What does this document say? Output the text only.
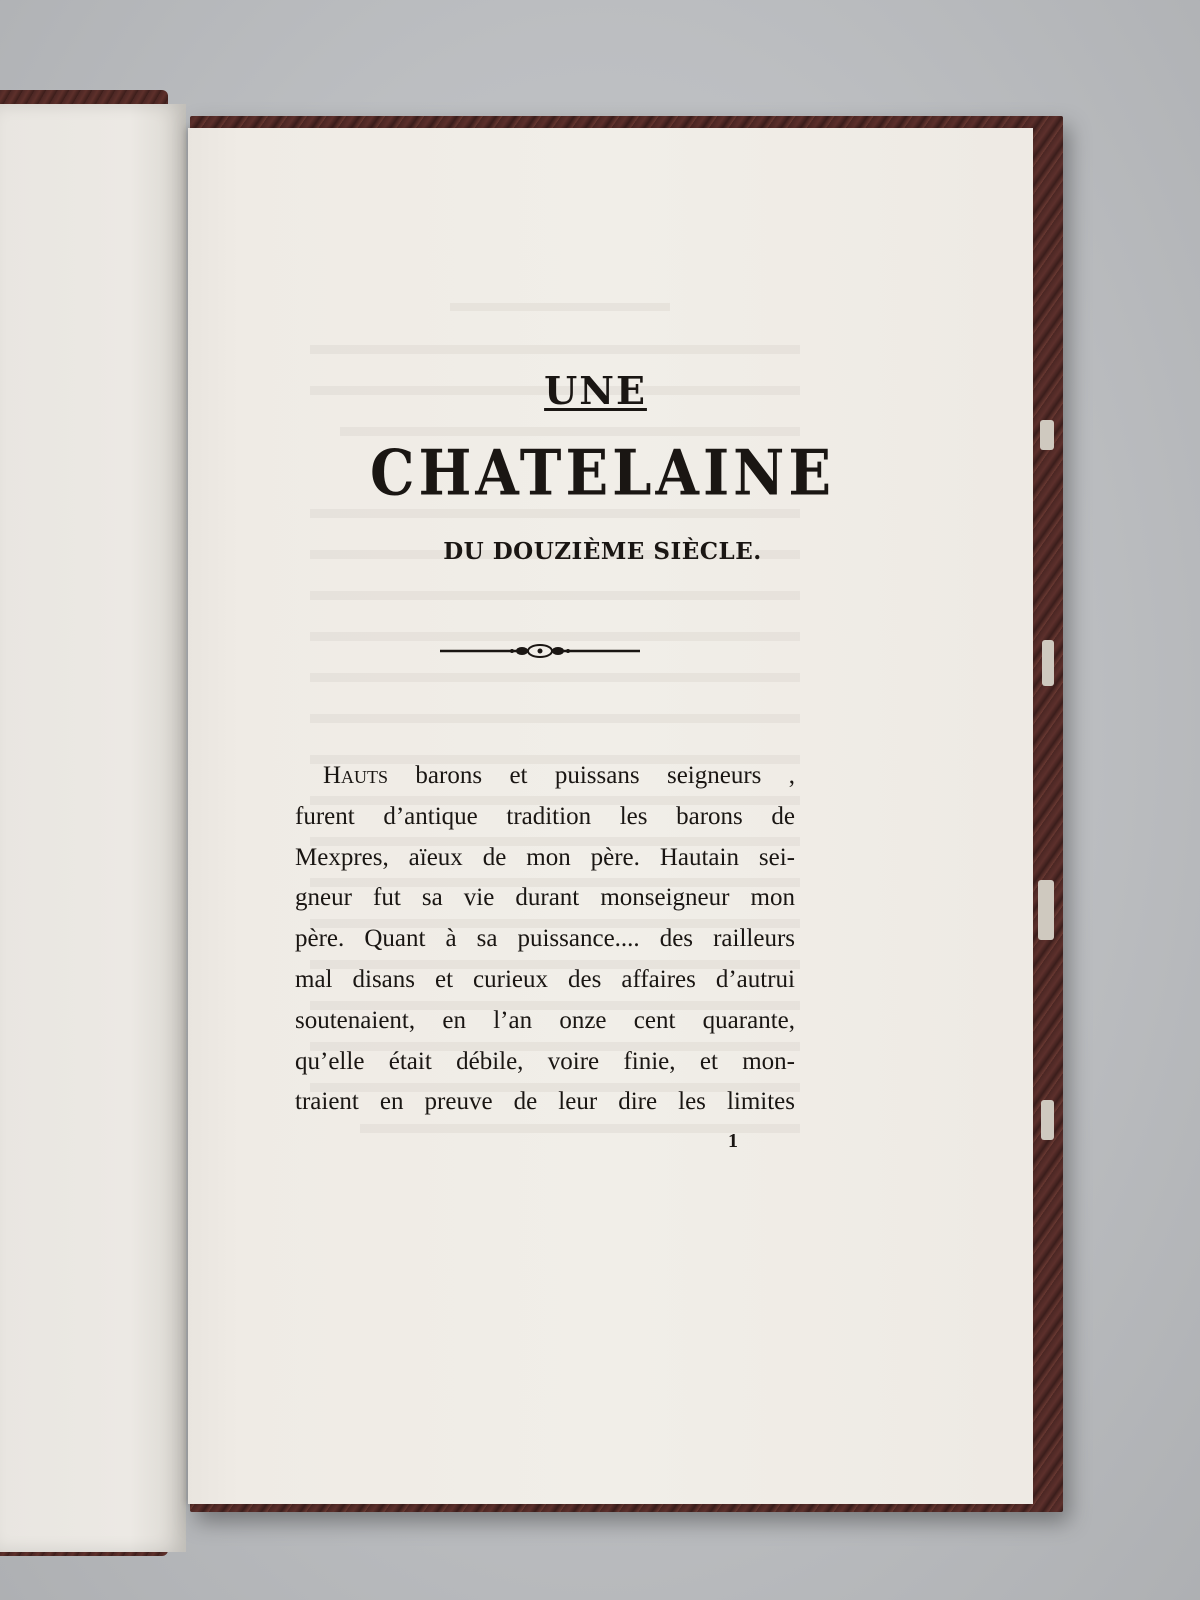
UNE
CHATELAINE
DU DOUZIÈME SIÈCLE.
Hauts barons et puissans seigneurs ,
furent d’antique tradition les barons de
Mexpres, aïeux de mon père. Hautain sei-
gneur fut sa vie durant monseigneur mon
père. Quant à sa puissance.... des railleurs
mal disans et curieux des affaires d’autrui
soutenaient, en l’an onze cent quarante,
qu’elle était débile, voire finie, et mon-
traient en preuve de leur dire les limites
1
